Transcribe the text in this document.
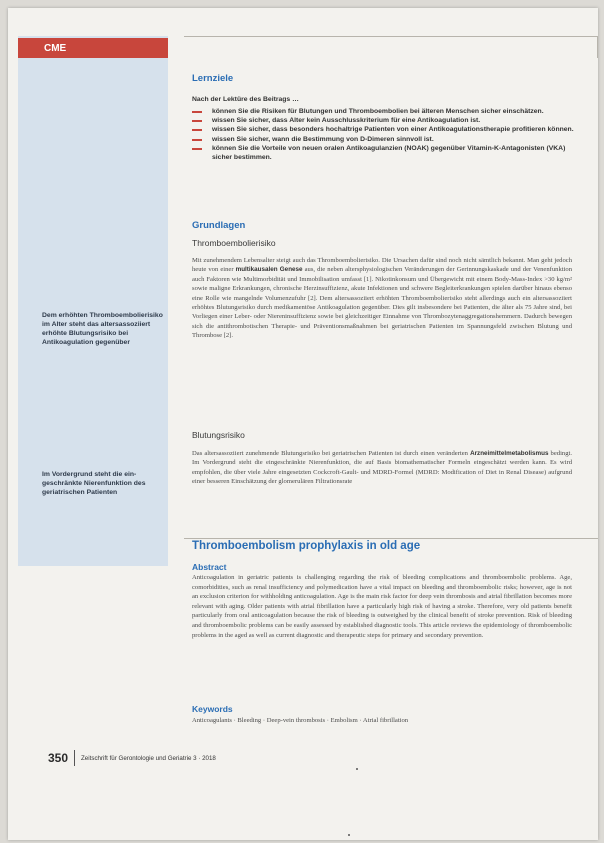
CME
Dem erhöhten Thromboembolierisiko im Alter steht das altersassoziiert erhöhte Blutungsrisiko bei Antikoagulation gegenüber
Im Vordergrund steht die eingeschränkte Nierenfunktion des geriatrischen Patienten
Lernziele
Nach der Lektüre des Beitrags …
können Sie die Risiken für Blutungen und Thromboembolien bei älteren Menschen sicher einschätzen.
wissen Sie sicher, dass Alter kein Ausschlusskriterium für eine Antikoagulation ist.
wissen Sie sicher, dass besonders hochaltrige Patienten von einer Antikoagulationstherapie profitieren können.
wissen Sie sicher, wann die Bestimmung von D-Dimeren sinnvoll ist.
können Sie die Vorteile von neuen oralen Antikoagulanzien (NOAK) gegenüber Vitamin-K-Antagonisten (VKA) sicher bestimmen.
Grundlagen
Thromboembolierisiko

Mit zunehmendem Lebensalter steigt auch das Thromboembolierisiko. Die Ursachen dafür sind noch nicht sämtlich bekannt. Man geht jedoch heute von einer multikausalen Genese aus, die neben altersphysiologischen Veränderungen der Gerinnungskaskade und der Venenfunktion auch Faktoren wie Multimorbidität und Immobilisation umfasst [1]. Nikotinkonsum und Übergewicht mit einem Body-Mass-Index >30 kg/m² sowie maligne Erkrankungen, chronische Herzinsuffizienz, akute Infektionen und schwere Begleiterkrankungen spielen darüber hinaus ebenso eine Rolle wie mangelnde Volumenzufuhr [2]. Dem altersassoziiert erhöhten Thromboembolierisiko steht allerdings auch ein altersassoziiert erhöhtes Blutungsrisiko durch medikamentöse Antikoagulation gegenüber. Dies gilt insbesondere bei Patienten, die älter als 75 Jahre sind, bei Vorliegen einer Leber- oder Niereninsuffizienz sowie bei gleichzeitiger Einnahme von Thrombozytenaggregationshemmern. Dadurch bewegen sich die antithrombotischen Therapie- und Präventionsmaßnahmen bei geriatrischen Patienten im Spannungsfeld zwischen Blutung und Thrombose [2].

Blutungsrisiko

Das altersassoziiert zunehmende Blutungsrisiko bei geriatrischen Patienten ist durch einen veränderten Arzneimittelmetabolismus bedingt. Im Vordergrund steht die eingeschränkte Nierenfunktion, die auf Basis biomathematischer Formeln eingeschätzt werden kann. Es wird empfohlen, die über viele Jahre eingesetzten Cockcroft-Gault- und MDRD-Formel (MDRD: Modification of Diet in Renal Disease) aufgrund einer besseren Einschätzung der glomerulären Filtrationsrate

Thromboembolism prophylaxis in old age
Abstract

Anticoagulation in geriatric patients is challenging regarding the risk of bleeding complications and thromboembolic problems. Age, comorbidities, such as renal insufficiency and polymedication have a vital impact on bleeding and thromboembolic risks; however, age is not an exclusion criterion for withholding anticoagulation. Age is the main risk factor for deep vein thrombosis and atrial fibrillation becomes more relevant with aging. Older patients with atrial fibrillation have a particularly high risk of having a stroke. Therefore, very old patients benefit particularly from oral anticoagulation because the risk of bleeding is outweighed by the clinical benefit of stroke prevention. Risk of bleeding and thromboembolic problems can be easily assessed by established diagnostic tools. This article reviews the epidemiology of thromboembolic problems in the aged as well as current diagnostic and therapeutic steps for primary and secondary prevention.

Keywords
Anticoagulants · Bleeding · Deep-vein thrombosis · Embolism · Atrial fibrillation
350 Zeitschrift für Gerontologie und Geriatrie 3 · 2018
